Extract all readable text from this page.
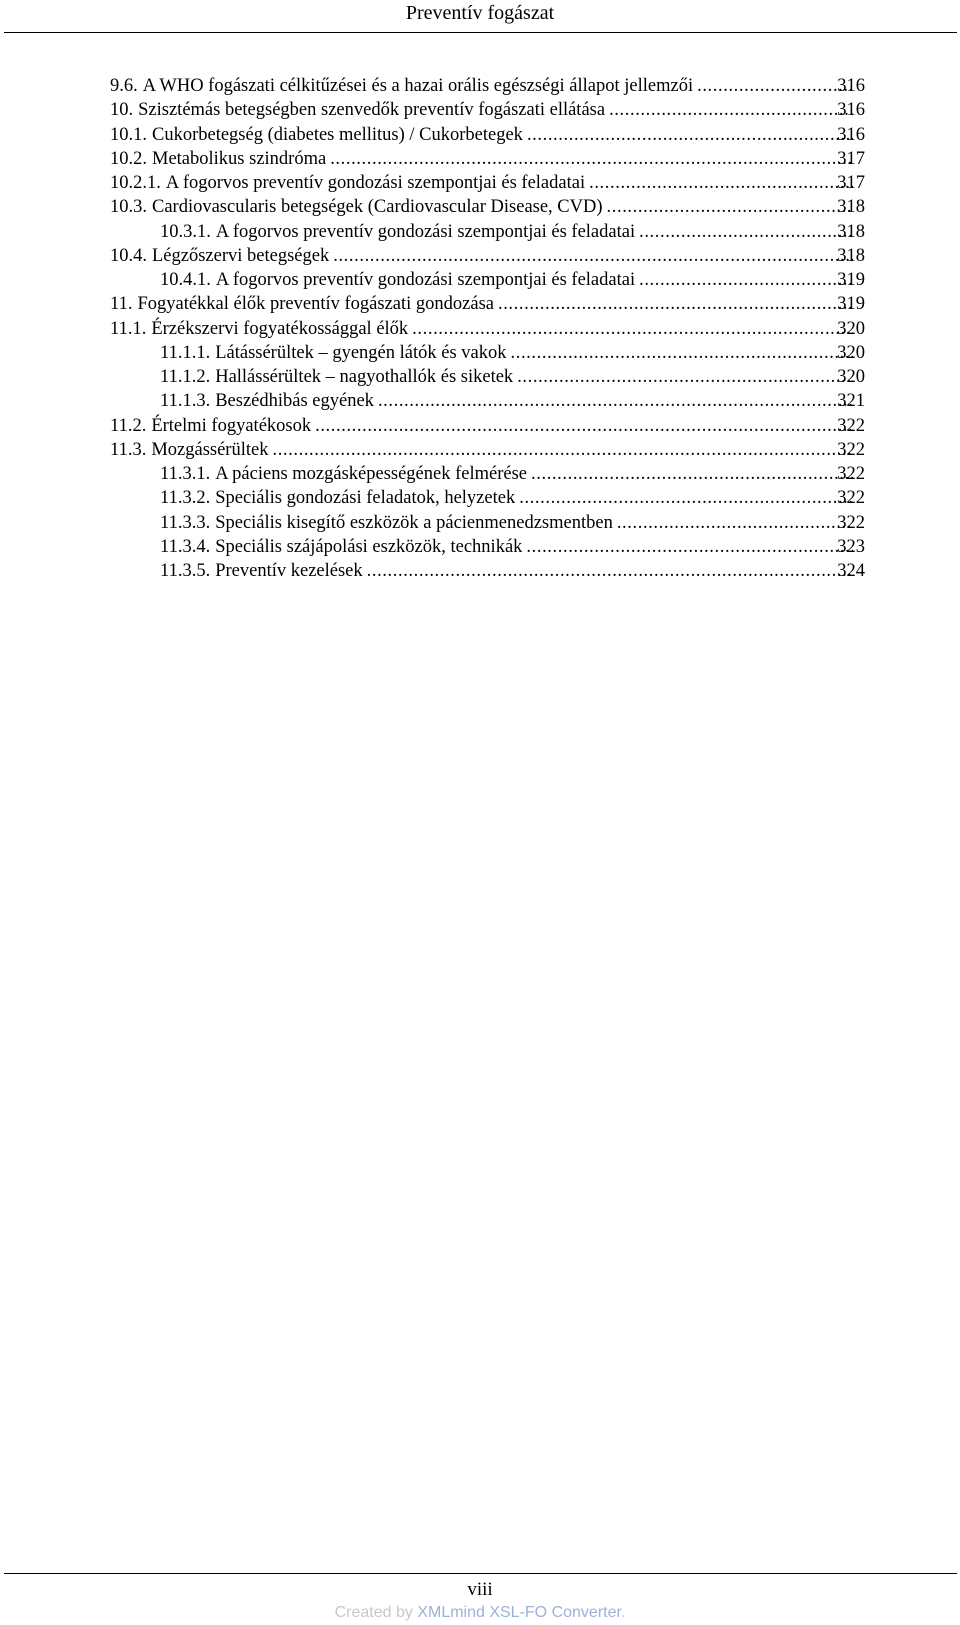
Preventív fogászat
9.6. A WHO fogászati célkitűzései és a hazai orális egészségi állapot jellemzői .....	316
10. Szisztémás betegségben szenvedők preventív fogászati ellátása .....	316
10.1. Cukorbetegség (diabetes mellitus) / Cukorbetegek .....	316
10.2. Metabolikus szindróma .....	317
10.2.1. A fogorvos preventív gondozási szempontjai és feladatai .....	317
10.3. Cardiovascularis betegségek (Cardiovascular Disease, CVD) .....	318
10.3.1. A fogorvos preventív gondozási szempontjai és feladatai .....	318
10.4. Légzőszervi betegségek .....	318
10.4.1. A fogorvos preventív gondozási szempontjai és feladatai .....	319
11. Fogyatékkal élők preventív fogászati gondozása .....	319
11.1. Érzékszervi fogyatékossággal élők .....	320
11.1.1. Látássérültek – gyengén látók és vakok .....	320
11.1.2. Hallássérültek – nagyothallók és siketek .....	320
11.1.3. Beszédhibás egyének .....	321
11.2. Értelmi fogyatékosok .....	322
11.3. Mozgássérültek .....	322
11.3.1. A páciens mozgásképességének felmérése .....	322
11.3.2. Speciális gondozási feladatok, helyzetek .....	322
11.3.3. Speciális kisegítő eszközök a pácienmenedzsmentben .....	322
11.3.4. Speciális szájápolási eszközök, technikák .....	323
11.3.5. Preventív kezelések .....	324
viii
Created by XMLmind XSL-FO Converter.
